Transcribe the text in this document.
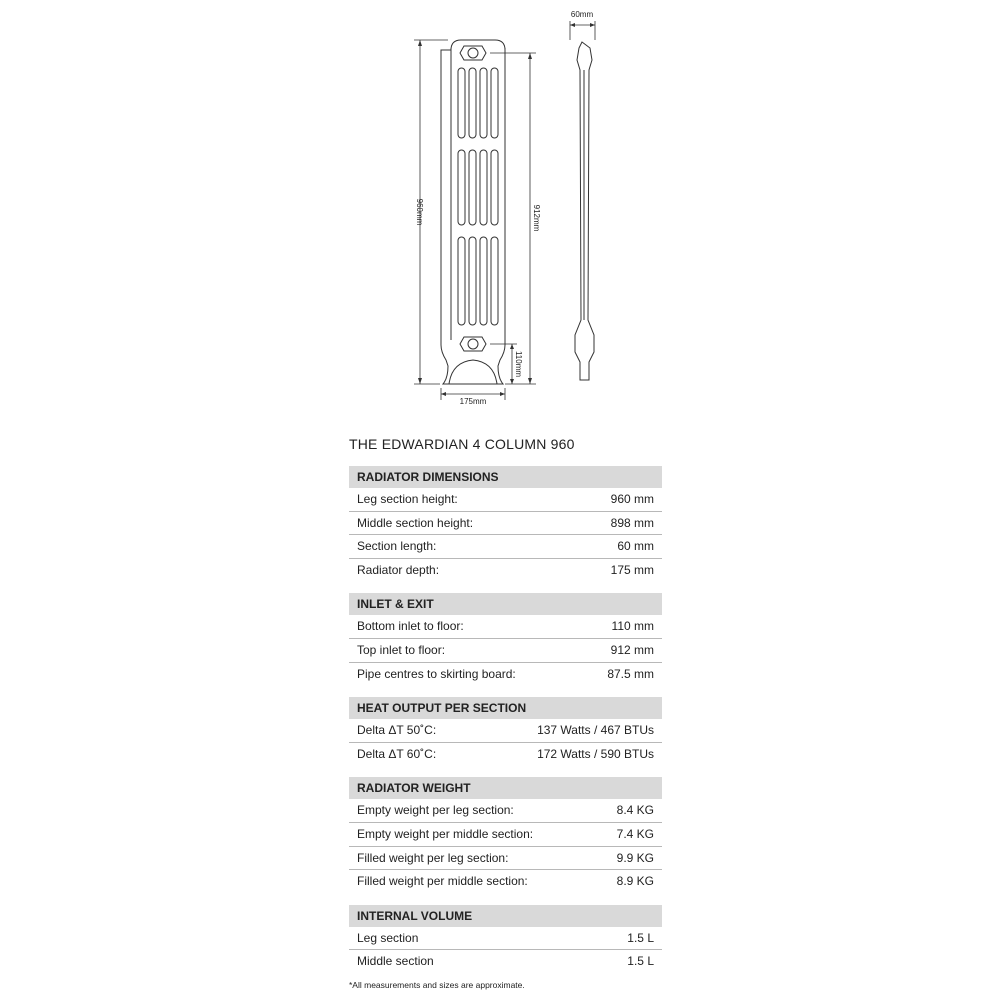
60mm
960mm	912mm
110mm
175mm
THE EDWARDIAN 4 COLUMN 960
RADIATOR DIMENSIONS
Leg section height:	960 mm
Middle section height:	898 mm
Section length:	60 mm
Radiator depth:	175 mm
INLET & EXIT
Bottom inlet to floor:	110 mm
Top inlet to floor:	912 mm
Pipe centres to skirting board:	87.5 mm
HEAT OUTPUT PER SECTION
Delta ΔT 50˚C:	137 Watts / 467 BTUs
Delta ΔT 60˚C:	172 Watts / 590 BTUs
RADIATOR WEIGHT
Empty weight per leg section:	8.4 KG
Empty weight per middle section:	7.4 KG
Filled weight per leg section:	9.9 KG
Filled weight per middle section:	8.9 KG
INTERNAL VOLUME
Leg section	1.5 L
Middle section	1.5 L
*All measurements and sizes are approximate.
